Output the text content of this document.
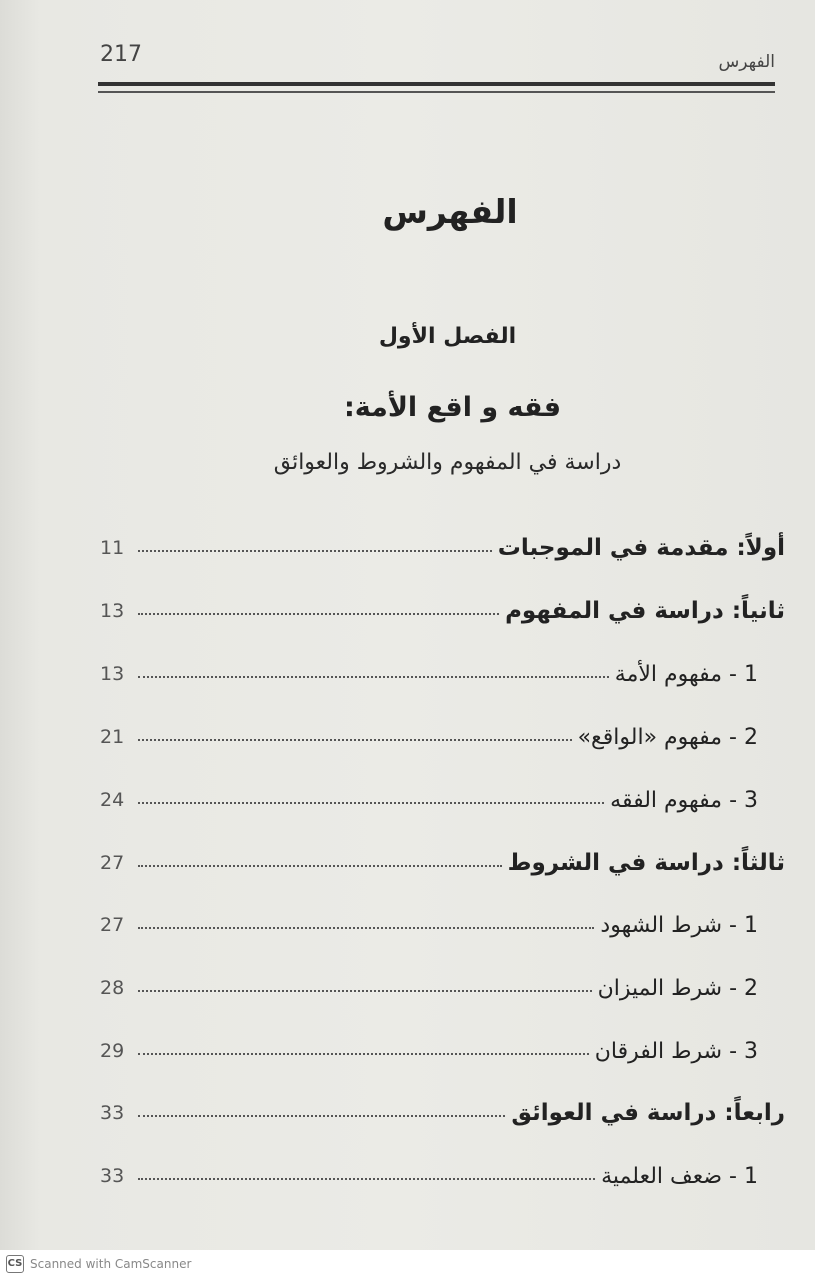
217	الفهرس
الفهرس
الفصل الأول
فقه و اقع الأمة:
دراسة في المفهوم والشروط والعوائق
أولاً: مقدمة في الموجبات
11
ثانياً: دراسة في المفهوم
13
1 - مفهوم الأمة
13
2 - مفهوم «الواقع»
21
3 - مفهوم الفقه
24
ثالثاً: دراسة في الشروط
27
1 - شرط الشهود
27
2 - شرط الميزان
28
3 - شرط الفرقان
29
رابعاً: دراسة في العوائق
33
1 - ضعف العلمية
33
CS Scanned with CamScanner
